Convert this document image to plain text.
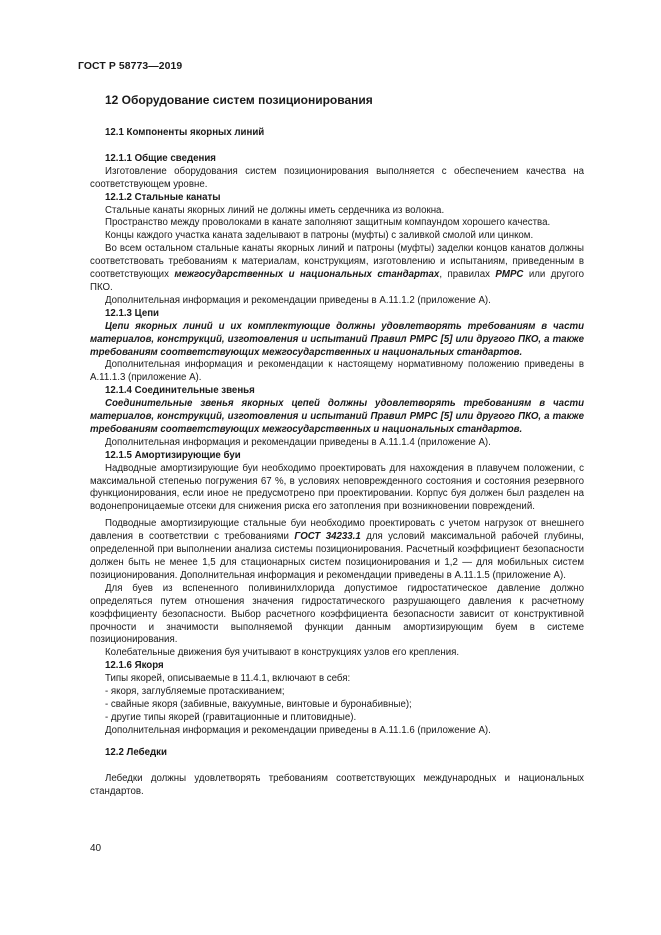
ГОСТ Р 58773—2019

12 Оборудование систем позиционирования

12.1 Компоненты якорных линий

12.1.1 Общие сведения

Изготовление оборудования систем позиционирования выполняется с обеспечением качества на соответствующем уровне.

12.1.2 Стальные канаты

Стальные канаты якорных линий не должны иметь сердечника из волокна.

Пространство между проволоками в канате заполняют защитным компаундом хорошего качества.

Концы каждого участка каната заделывают в патроны (муфты) с заливкой смолой или цинком.

Во всем остальном стальные канаты якорных линий и патроны (муфты) заделки концов канатов должны соответствовать требованиям к материалам, конструкциям, изготовлению и испытаниям, приведенным в соответствующих межгосударственных и национальных стандартах, правилах РМРС или другого ПКО.

Дополнительная информация и рекомендации приведены в А.11.1.2 (приложение А).

12.1.3 Цепи

Цепи якорных линий и их комплектующие должны удовлетворять требованиям в части материалов, конструкций, изготовления и испытаний Правил РМРС [5] или другого ПКО, а также требованиям соответствующих межгосударственных и национальных стандартов.

Дополнительная информация и рекомендации к настоящему нормативному положению приведены в А.11.1.3 (приложение А).

12.1.4 Соединительные звенья

Соединительные звенья якорных цепей должны удовлетворять требованиям в части материалов, конструкций, изготовления и испытаний Правил РМРС [5] или другого ПКО, а также требованиям соответствующих межгосударственных и национальных стандартов.

Дополнительная информация и рекомендации приведены в А.11.1.4 (приложение А).

12.1.5 Амортизирующие буи

Надводные амортизирующие буи необходимо проектировать для нахождения в плавучем положении, с максимальной степенью погружения 67 %, в условиях неповрежденного состояния и состояния резервного функционирования, если иное не предусмотрено при проектировании. Корпус буя должен был разделен на водонепроницаемые отсеки для снижения риска его затопления при возникновении повреждений.

Подводные амортизирующие стальные буи необходимо проектировать с учетом нагрузок от внешнего давления в соответствии с требованиями ГОСТ 34233.1 для условий максимальной рабочей глубины, определенной при выполнении анализа системы позиционирования. Расчетный коэффициент безопасности должен быть не менее 1,5 для стационарных систем позиционирования и 1,2 — для мобильных систем позиционирования. Дополнительная информация и рекомендации приведены в А.11.1.5 (приложение А).

Для буев из вспененного поливинилхлорида допустимое гидростатическое давление должно определяться путем отношения значения гидростатического разрушающего давления к расчетному коэффициенту безопасности. Выбор расчетного коэффициента безопасности зависит от конструктивной прочности и значимости выполняемой функции данным амортизирующим буем в системе позиционирования.

Колебательные движения буя учитывают в конструкциях узлов его крепления.

12.1.6 Якоря

Типы якорей, описываемые в 11.4.1, включают в себя:

- якоря, заглубляемые протаскиванием;

- свайные якоря (забивные, вакуумные, винтовые и буронабивные);

- другие типы якорей (гравитационные и плитовидные).

Дополнительная информация и рекомендации приведены в А.11.1.6 (приложение А).

12.2 Лебедки

Лебедки должны удовлетворять требованиям соответствующих международных и национальных стандартов.

40
